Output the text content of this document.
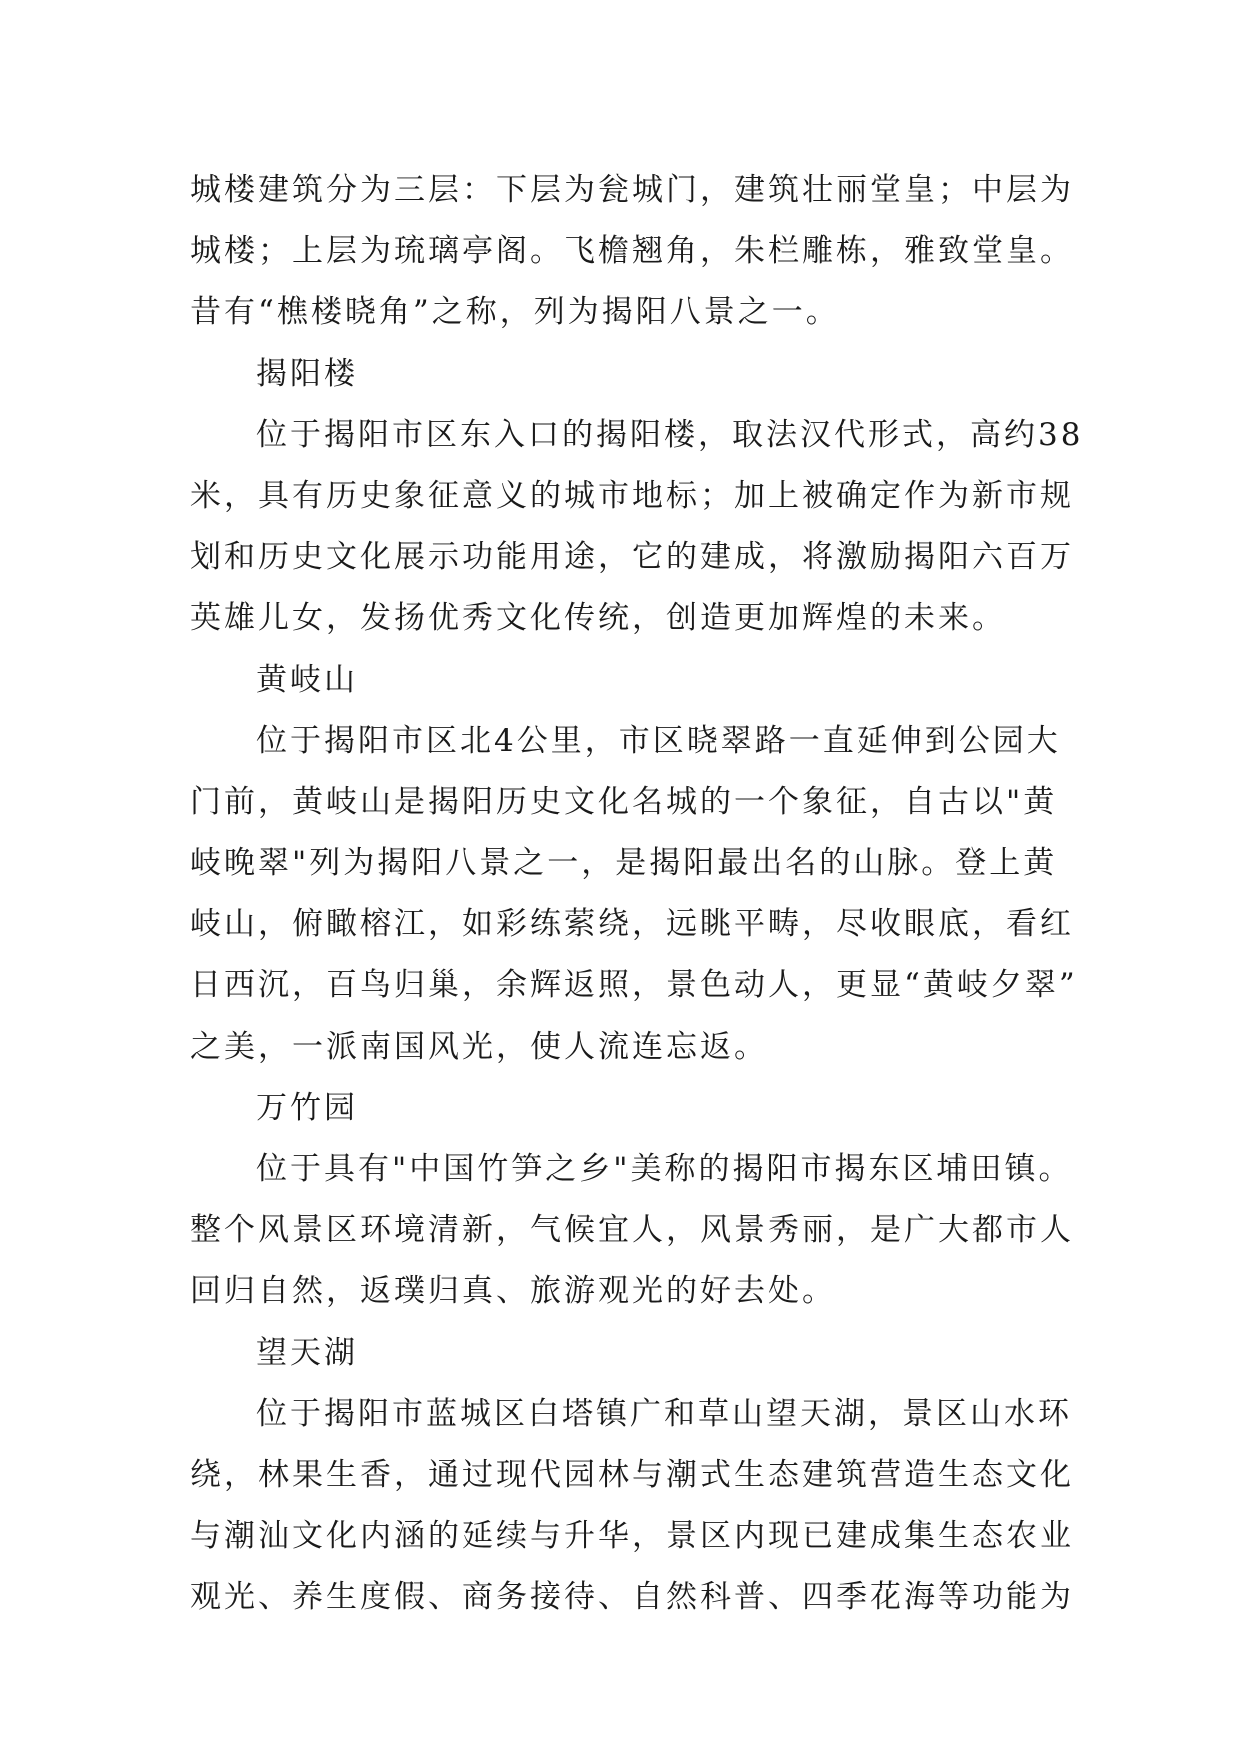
城楼建筑分为三层：下层为瓮城门，建筑壮丽堂皇；中层为
城楼；上层为琉璃亭阁。飞檐翘角，朱栏雕栋，雅致堂皇。
昔有“樵楼晓角”之称，列为揭阳八景之一。
揭阳楼
位于揭阳市区东入口的揭阳楼，取法汉代形式，高约38
米，具有历史象征意义的城市地标；加上被确定作为新市规
划和历史文化展示功能用途，它的建成，将激励揭阳六百万
英雄儿女，发扬优秀文化传统，创造更加辉煌的未来。
黄岐山
位于揭阳市区北4公里，市区晓翠路一直延伸到公园大
门前，黄岐山是揭阳历史文化名城的一个象征，自古以"黄
岐晚翠"列为揭阳八景之一，是揭阳最出名的山脉。登上黄
岐山，俯瞰榕江，如彩练萦绕，远眺平畴，尽收眼底，看红
日西沉，百鸟归巢，余辉返照，景色动人，更显“黄岐夕翠”
之美，一派南国风光，使人流连忘返。
万竹园
位于具有"中国竹笋之乡"美称的揭阳市揭东区埔田镇。
整个风景区环境清新，气候宜人，风景秀丽，是广大都市人
回归自然，返璞归真、旅游观光的好去处。
望天湖
位于揭阳市蓝城区白塔镇广和草山望天湖，景区山水环
绕，林果生香，通过现代园林与潮式生态建筑营造生态文化
与潮汕文化内涵的延续与升华，景区内现已建成集生态农业
观光、养生度假、商务接待、自然科普、四季花海等功能为
